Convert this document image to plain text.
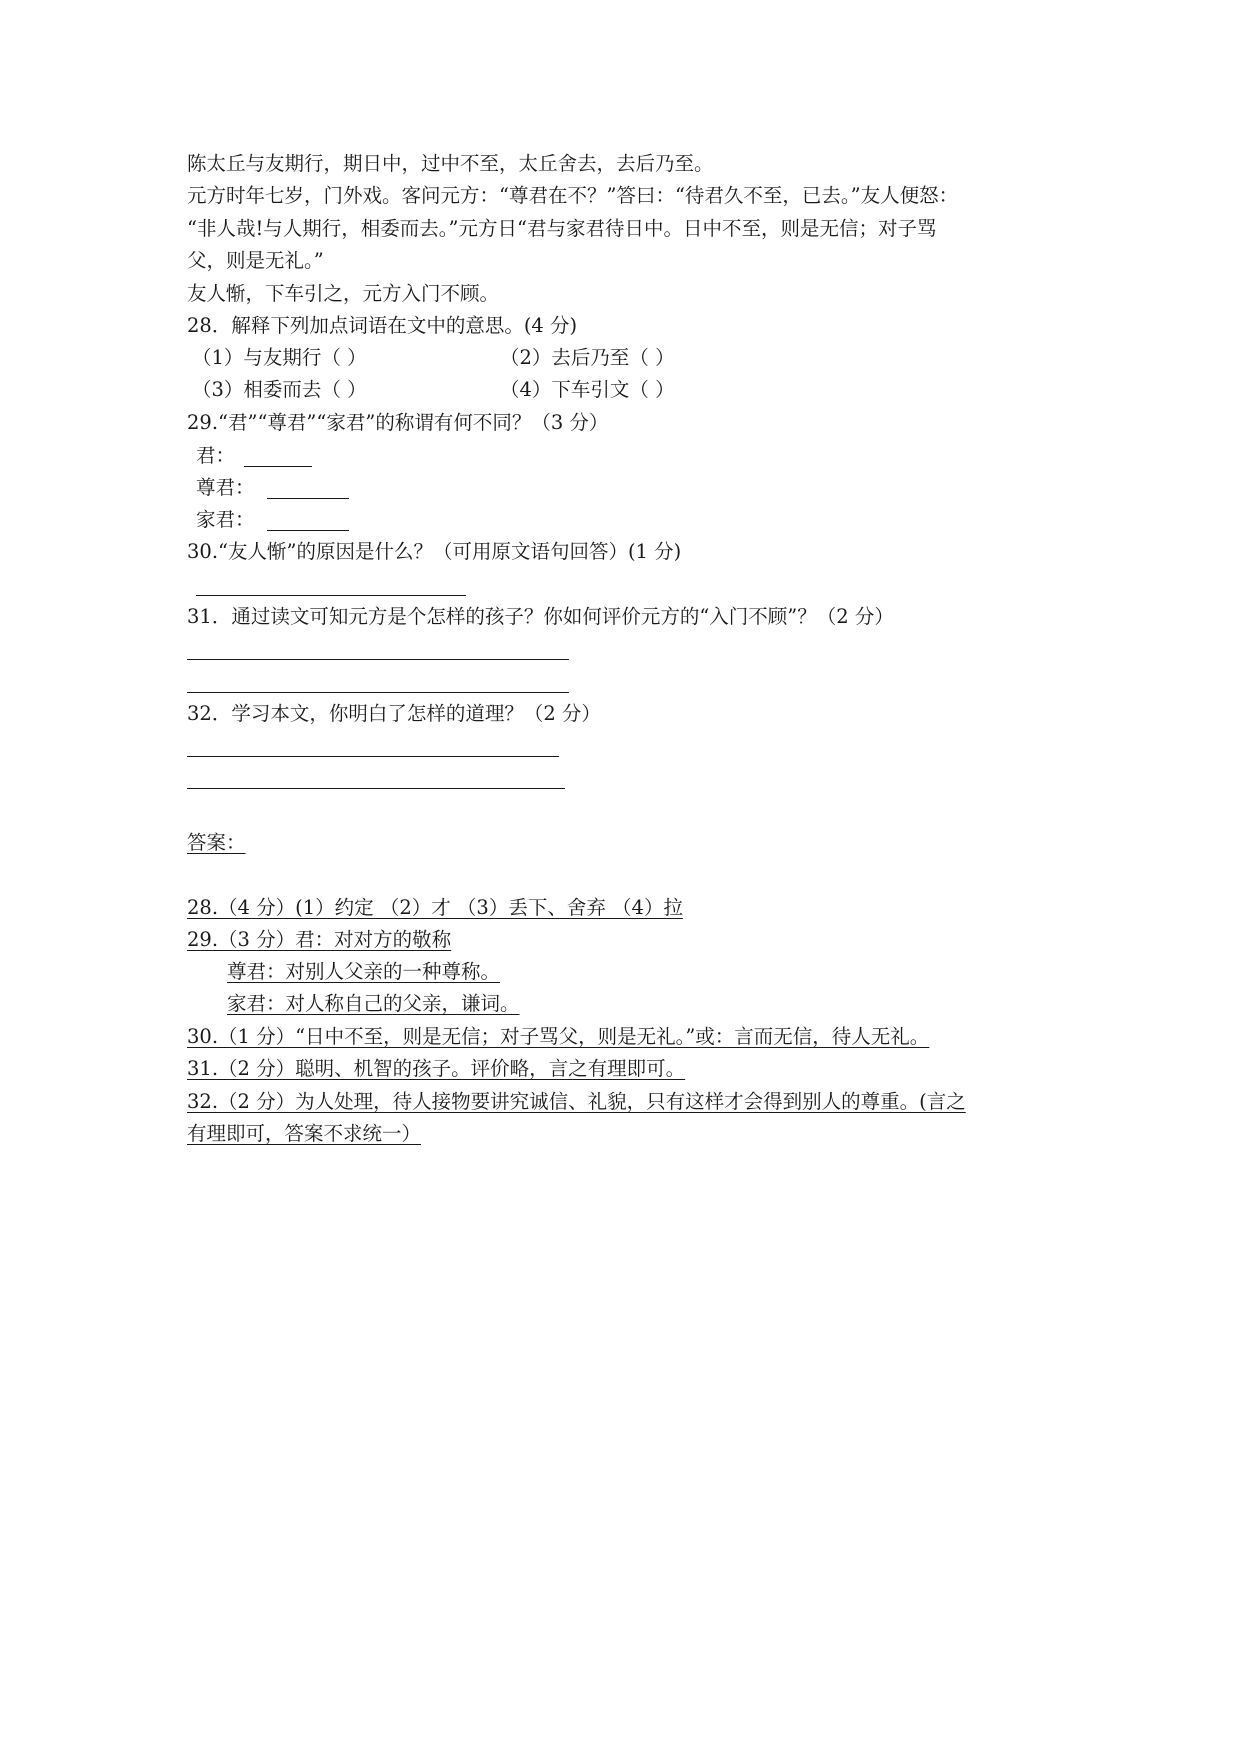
陈太丘与友期行，期日中，过中不至，太丘舍去，去后乃至。
元方时年七岁，门外戏。客问元方：“尊君在不？”答曰：“待君久不至，已去。”友人便怒：
“非人哉!与人期行，相委而去。”元方日“君与家君待日中。日中不至，则是无信；对子骂
父，则是无礼。”
友人惭，下车引之，元方入门不顾。
28．解释下列加点词语在文中的意思。(4 分)
（1）与友期行（ ）	（2）去后乃至（ ）
（3）相委而去（ ）	（4）下车引文（ ）
29.“君”“尊君”“家君”的称谓有何不同？（3 分）
君：
尊君：
家君：
30.“友人惭”的原因是什么？（可用原文语句回答）(1 分)
31．通过读文可知元方是个怎样的孩子？你如何评价元方的“入门不顾”？（2 分）
32．学习本文，你明白了怎样的道理？（2 分）
答案：
28.（4 分）(1）约定 （2）才 （3）丢下、舍弃 （4）拉
29.（3 分）君：对对方的敬称
尊君：对别人父亲的一种尊称。
家君：对人称自己的父亲，谦词。
30.（1 分）“日中不至，则是无信；对子骂父，则是无礼。”或：言而无信，待人无礼。
31.（2 分）聪明、机智的孩子。评价略，言之有理即可。
32.（2 分）为人处理，待人接物要讲究诚信、礼貌，只有这样才会得到别人的尊重。(言之
有理即可，答案不求统一）
